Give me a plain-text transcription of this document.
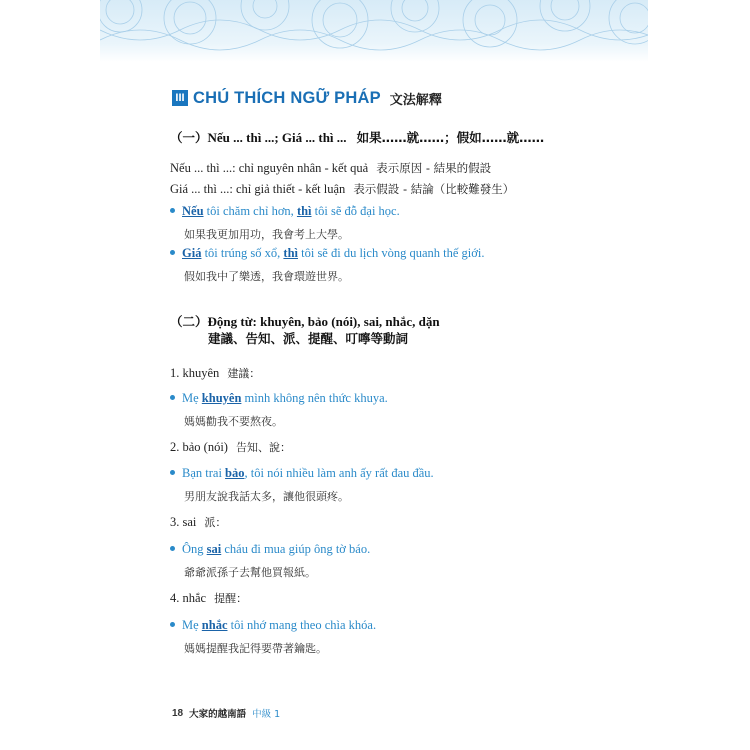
III CHÚ THÍCH NGỮ PHÁP 文法解釋
（一）Nếu ... thì ...; Giá ... thì ... 如果……就……；假如……就……
Nếu ... thì ...: chỉ nguyên nhân - kết quả 表示原因 - 結果的假設
Giá ... thì ...: chỉ giả thiết - kết luận 表示假設 - 結論（比較難發生）
Nếu tôi chăm chỉ hơn, thì tôi sẽ đỗ đại học.
如果我更加用功，我會考上大學。
Giá tôi trúng số xổ, thì tôi sẽ đi du lịch vòng quanh thế giới.
假如我中了樂透，我會環遊世界。
（二）Động từ: khuyên, bảo (nói), sai, nhắc, dặn
建議、告知、派、提醒、叮嚀等動詞
1. khuyên 建議：
Mẹ khuyên mình không nên thức khuya.
媽媽勸我不要熬夜。
2. bảo (nói) 告知、說：
Bạn trai bảo, tôi nói nhiều làm anh ấy rất đau đầu.
男朋友說我話太多，讓他很頭疼。
3. sai 派：
Ông sai cháu đi mua giúp ông tờ báo.
爺爺派孫子去幫他買報紙。
4. nhắc 提醒：
Mẹ nhắc tôi nhớ mang theo chìa khóa.
媽媽提醒我記得要帶著鑰匙。
18 大家的越南語 中級 1
